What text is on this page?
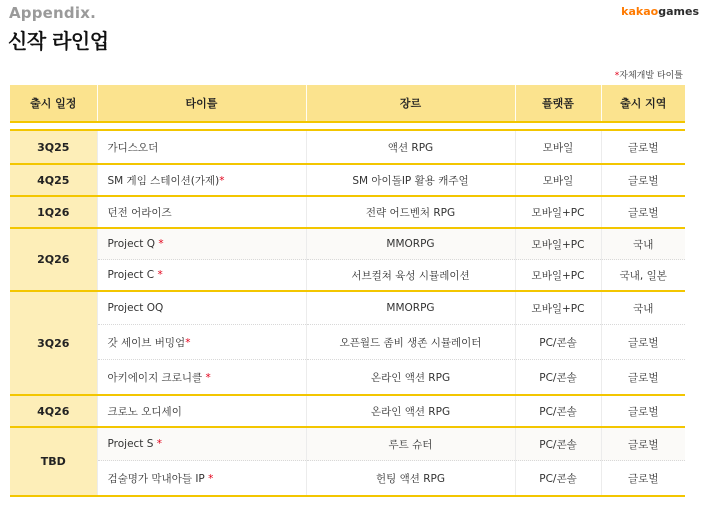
Appendix.
신작 라인업
kakaogames
*자체개발 타이틀
출시 일정	타이틀	장르	플랫폼	출시 지역

3Q25	가디스오더	액션 RPG	모바일	글로벌
4Q25	SM 게임 스테이션(가제)*	SM 아이돌IP 활용 캐주얼	모바일	글로벌
1Q26	던전 어라이즈	전략 어드벤처 RPG	모바일+PC	글로벌
2Q26	Project Q *	MMORPG	모바일+PC	국내
	Project C *	서브컬쳐 육성 시뮬레이션	모바일+PC	국내, 일본
3Q26	Project OQ	MMORPG	모바일+PC	국내
	갓 세이브 버밍엄*	오픈월드 좀비 생존 시뮬레이터	PC/콘솔	글로벌
	아키에이지 크로니클 *	온라인 액션 RPG	PC/콘솔	글로벌
4Q26	크로노 오디세이	온라인 액션 RPG	PC/콘솔	글로벌
TBD	Project S *	루트 슈터	PC/콘솔	글로벌
	검술명가 막내아들 IP *	헌팅 액션 RPG	PC/콘솔	글로벌
